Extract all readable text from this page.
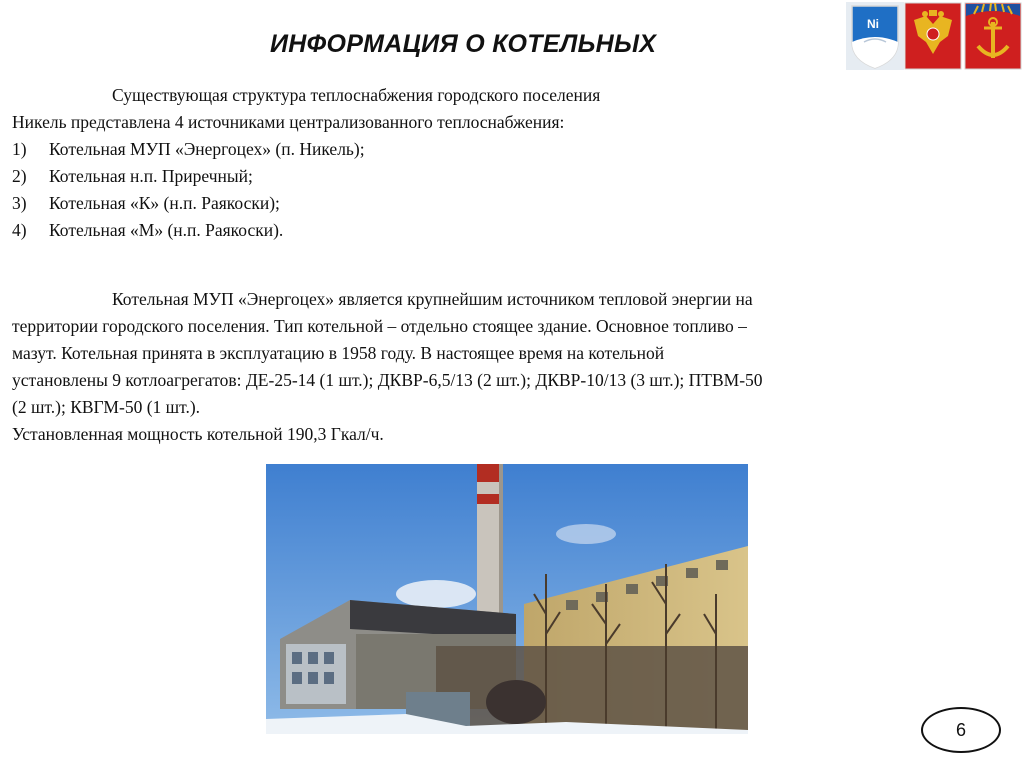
ИНФОРМАЦИЯ О КОТЕЛЬНЫХ
Ni
Существующая структура теплоснабжения городского поселения
Никель представлена 4 источниками централизованного теплоснабжения:
1)	Котельная МУП «Энергоцех» (п. Никель);
2)	Котельная н.п. Приречный;
3)	Котельная «К» (н.п. Раякоски);
4)	Котельная «М» (н.п. Раякоски).
Котельная МУП «Энергоцех» является крупнейшим источником тепловой энергии на
территории городского поселения. Тип котельной – отдельно стоящее здание. Основное топливо –
мазут. Котельная принята в эксплуатацию в 1958 году. В настоящее время на котельной
установлены 9 котлоагрегатов: ДЕ-25-14 (1 шт.); ДКВР-6,5/13 (2 шт.); ДКВР-10/13 (3 шт.); ПТВМ-50
(2 шт.); КВГМ-50 (1 шт.).
Установленная мощность котельной 190,3 Гкал/ч.
6
